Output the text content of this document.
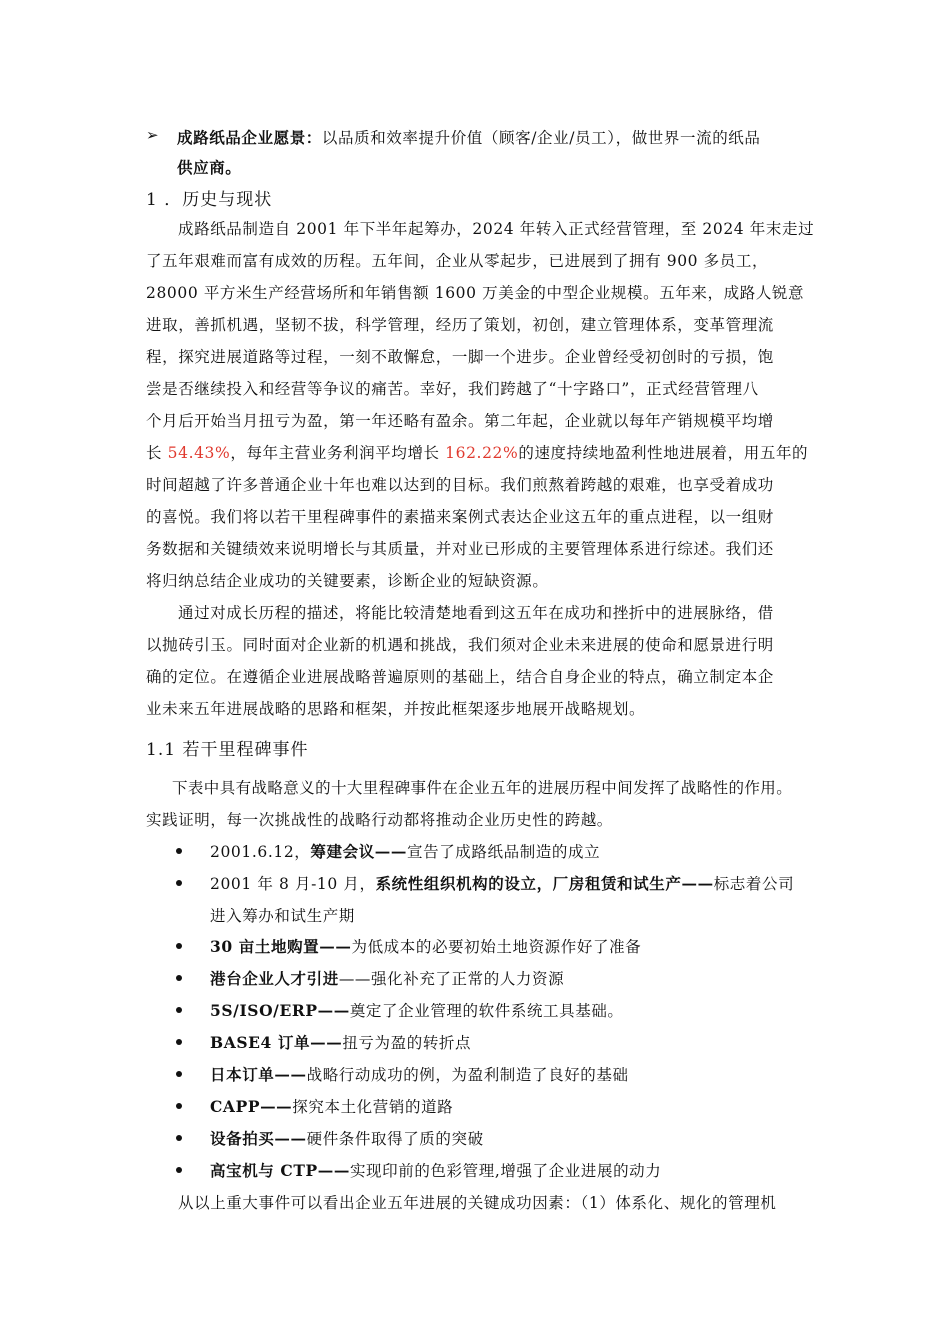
➢ 成路纸品企业愿景：以品质和效率提升价值（顾客/企业/员工），做世界一流的纸品
供应商。
1 ．历史与现状
成路纸品制造自 2001 年下半年起筹办，2024 年转入正式经营管理，至 2024 年末走过
了五年艰难而富有成效的历程。五年间，企业从零起步，已进展到了拥有 900 多员工，
28000 平方米生产经营场所和年销售额 1600 万美金的中型企业规模。五年来，成路人锐意
进取，善抓机遇，坚韧不拔，科学管理，经历了策划，初创，建立管理体系，变革管理流
程，探究进展道路等过程，一刻不敢懈怠，一脚一个进步。企业曾经受初创时的亏损，饱
尝是否继续投入和经营等争议的痛苦。幸好，我们跨越了“十字路口”，正式经营管理八
个月后开始当月扭亏为盈，第一年还略有盈余。第二年起，企业就以每年产销规模平均增
长 54.43%，每年主营业务利润平均增长 162.22%的速度持续地盈利性地进展着，用五年的
时间超越了许多普通企业十年也难以达到的目标。我们煎熬着跨越的艰难，也享受着成功
的喜悦。我们将以若干里程碑事件的素描来案例式表达企业这五年的重点进程，以一组财
务数据和关键绩效来说明增长与其质量，并对业已形成的主要管理体系进行综述。我们还
将归纳总结企业成功的关键要素，诊断企业的短缺资源。
通过对成长历程的描述，将能比较清楚地看到这五年在成功和挫折中的进展脉络，借
以抛砖引玉。同时面对企业新的机遇和挑战，我们须对企业未来进展的使命和愿景进行明
确的定位。在遵循企业进展战略普遍原则的基础上，结合自身企业的特点，确立制定本企
业未来五年进展战略的思路和框架，并按此框架逐步地展开战略规划。
1.1 若干里程碑事件
下表中具有战略意义的十大里程碑事件在企业五年的进展历程中间发挥了战略性的作用。
实践证明，每一次挑战性的战略行动都将推动企业历史性的跨越。
2001.6.12，筹建会议——宣告了成路纸品制造的成立
2001 年 8 月-10 月，系统性组织机构的设立，厂房租赁和试生产——标志着公司
进入筹办和试生产期
30 亩土地购置——为低成本的必要初始土地资源作好了准备
港台企业人才引进——强化补充了正常的人力资源
5S/ISO/ERP——奠定了企业管理的软件系统工具基础。
BASE4 订单——扭亏为盈的转折点
日本订单——战略行动成功的例，为盈利制造了良好的基础
CAPP——探究本土化营销的道路
设备拍买——硬件条件取得了质的突破
高宝机与 CTP——实现印前的色彩管理,增强了企业进展的动力
从以上重大事件可以看出企业五年进展的关键成功因素：（1）体系化、规化的管理机
